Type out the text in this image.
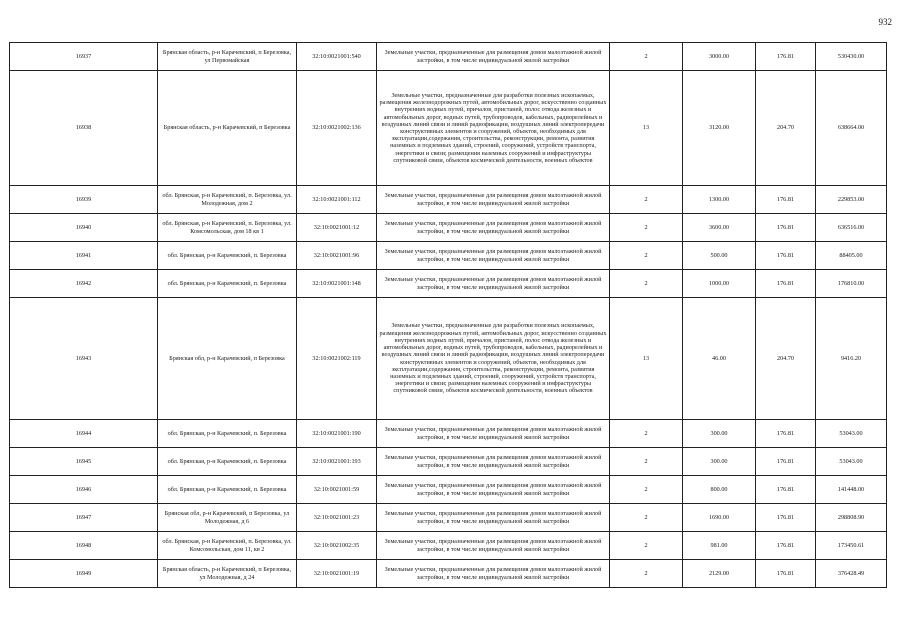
932
16937	Брянская область, р-н Карачевский, п Березовка, ул Первомайская	32:10:0021001:540	Земельные участки, предназначенные для размещения домов малоэтажной жилой застройки, в том числе индивидуальной жилой застройки	2	3000.00	176.81	530430.00
16938	Брянская область, р-н Карачевский, п Березовка	32:10:0021002:136	Земельные участки, предназначенные для разработки полезных ископаемых, размещения железнодорожных путей, автомобильных дорог, искусственно созданных внутренних водных путей, причалов, пристаней, полос отвода железных и автомобильных дорог, водных путей, трубопроводов, кабельных, радиорелейных и воздушных линий связи и линий радиофикации, воздушных линий электропередачи конструктивных элементов и сооружений, объектов, необходимых для эксплуатации,содержания, строительства, реконструкции, ремонта, развития наземных и подземных зданий, строений, сооружений, устройств транспорта, энергетики и связи; размещения наземных сооружений и инфраструктуры спутниковой связи, объектов космической деятельности, военных объектов	13	3120.00	204.70	638664.00
16939	обл. Брянская, р-н Карачевский, п. Березовка, ул. Молодежная, дом 2	32:10:0021001:112	Земельные участки, предназначенные для размещения домов малоэтажной жилой застройки, в том числе индивидуальной жилой застройки	2	1300.00	176.81	229853.00
16940	обл. Брянская, р-н Карачевский, п. Березовка, ул. Комсомольская, дом 18 кв 1	32:10:0021001:12	Земельные участки, предназначенные для размещения домов малоэтажной жилой застройки, в том числе индивидуальной жилой застройки	2	3600.00	176.81	636516.00
16941	обл. Брянская, р-н Карачевский, п. Березовка	32:10:0021001:96	Земельные участки, предназначенные для размещения домов малоэтажной жилой застройки, в том числе индивидуальной жилой застройки	2	500.00	176.81	88405.00
16942	обл. Брянская, р-н Карачевский, п. Березовка	32:10:0021001:148	Земельные участки, предназначенные для размещения домов малоэтажной жилой застройки, в том числе индивидуальной жилой застройки	2	1000.00	176.81	176810.00
16943	Брянская обл, р-н Карачевский, п Березовка	32:10:0021002:119	Земельные участки, предназначенные для разработки полезных ископаемых, размещения железнодорожных путей, автомобильных дорог, искусственно созданных внутренних водных путей, причалов, пристаней, полос отвода железных и автомобильных дорог, водных путей, трубопроводов, кабельных, радиорелейных и воздушных линий связи и линий радиофикации, воздушных линий электропередачи конструктивных элементов и сооружений, объектов, необходимых для эксплуатации,содержания, строительства, реконструкции, ремонта, развития наземных и подземных зданий, строений, сооружений, устройств транспорта, энергетики и связи; размещения наземных сооружений и инфраструктуры спутниковой связи, объектов космической деятельности, военных объектов	13	46.00	204.70	9416.20
16944	обл. Брянская, р-н Карачевский, п. Березовка	32:10:0021001:190	Земельные участки, предназначенные для размещения домов малоэтажной жилой застройки, в том числе индивидуальной жилой застройки	2	300.00	176.81	53043.00
16945	обл. Брянская, р-н Карачевский, п. Березовка	32:10:0021001:193	Земельные участки, предназначенные для размещения домов малоэтажной жилой застройки, в том числе индивидуальной жилой застройки	2	300.00	176.81	53043.00
16946	обл. Брянская, р-н Карачевский, п. Березовка	32:10:0021001:59	Земельные участки, предназначенные для размещения домов малоэтажной жилой застройки, в том числе индивидуальной жилой застройки	2	800.00	176.81	141448.00
16947	Брянская обл, р-н Карачевский, п Березовка, ул Молодежная, д 6	32:10:0021001:23	Земельные участки, предназначенные для размещения домов малоэтажной жилой застройки, в том числе индивидуальной жилой застройки	2	1690.00	176.81	298808.90
16948	обл. Брянская, р-н Карачевский, п. Березовка, ул. Комсомольская, дом 11, кв 2	32:10:0021002:35	Земельные участки, предназначенные для размещения домов малоэтажной жилой застройки, в том числе индивидуальной жилой застройки	2	981.00	176.81	173450.61
16949	Брянская область, р-н Карачевский, п Березовка, ул Молодежная, д 24	32:10:0021001:19	Земельные участки, предназначенные для размещения домов малоэтажной жилой застройки, в том числе индивидуальной жилой застройки	2	2129.00	176.81	376428.49
